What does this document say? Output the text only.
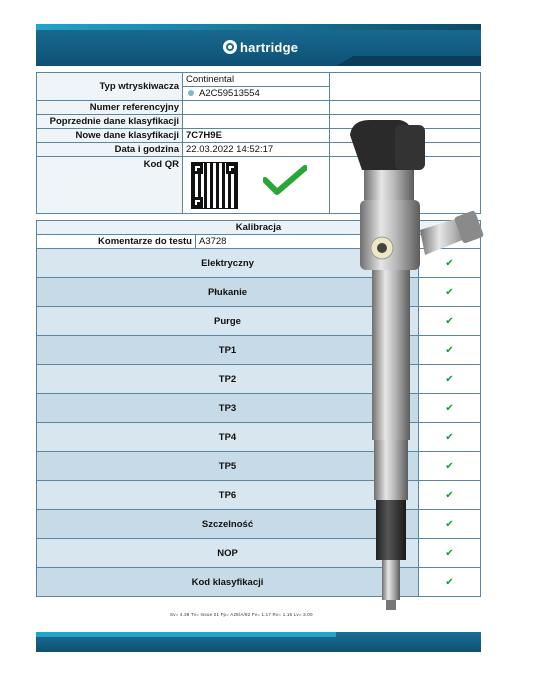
hartridge
Typ wtryskiwacza	Continental	
	A2C59513554	
Numer referencyjny		
Poprzednie dane klasyfikacji		
Nowe dane klasyfikacji	7C7H9E	
Data i godzina	22.03.2022 14:52:17	
Kod QR		
Kalibracja		
Komentarze do testu	A3728	
Elektryczny		✔
Płukanie		✔
Purge		✔
TP1		✔
TP2		✔
TP3		✔
TP4		✔
TP5		✔
TP6		✔
Szczelność		✔
NOP		✔
Kod klasyfikacji		✔
Sv= 4.39 Tv= Issue 21 Fp= A28/A/82 Fv= 1.17 Rv= 1.16 Lv= 3.00
